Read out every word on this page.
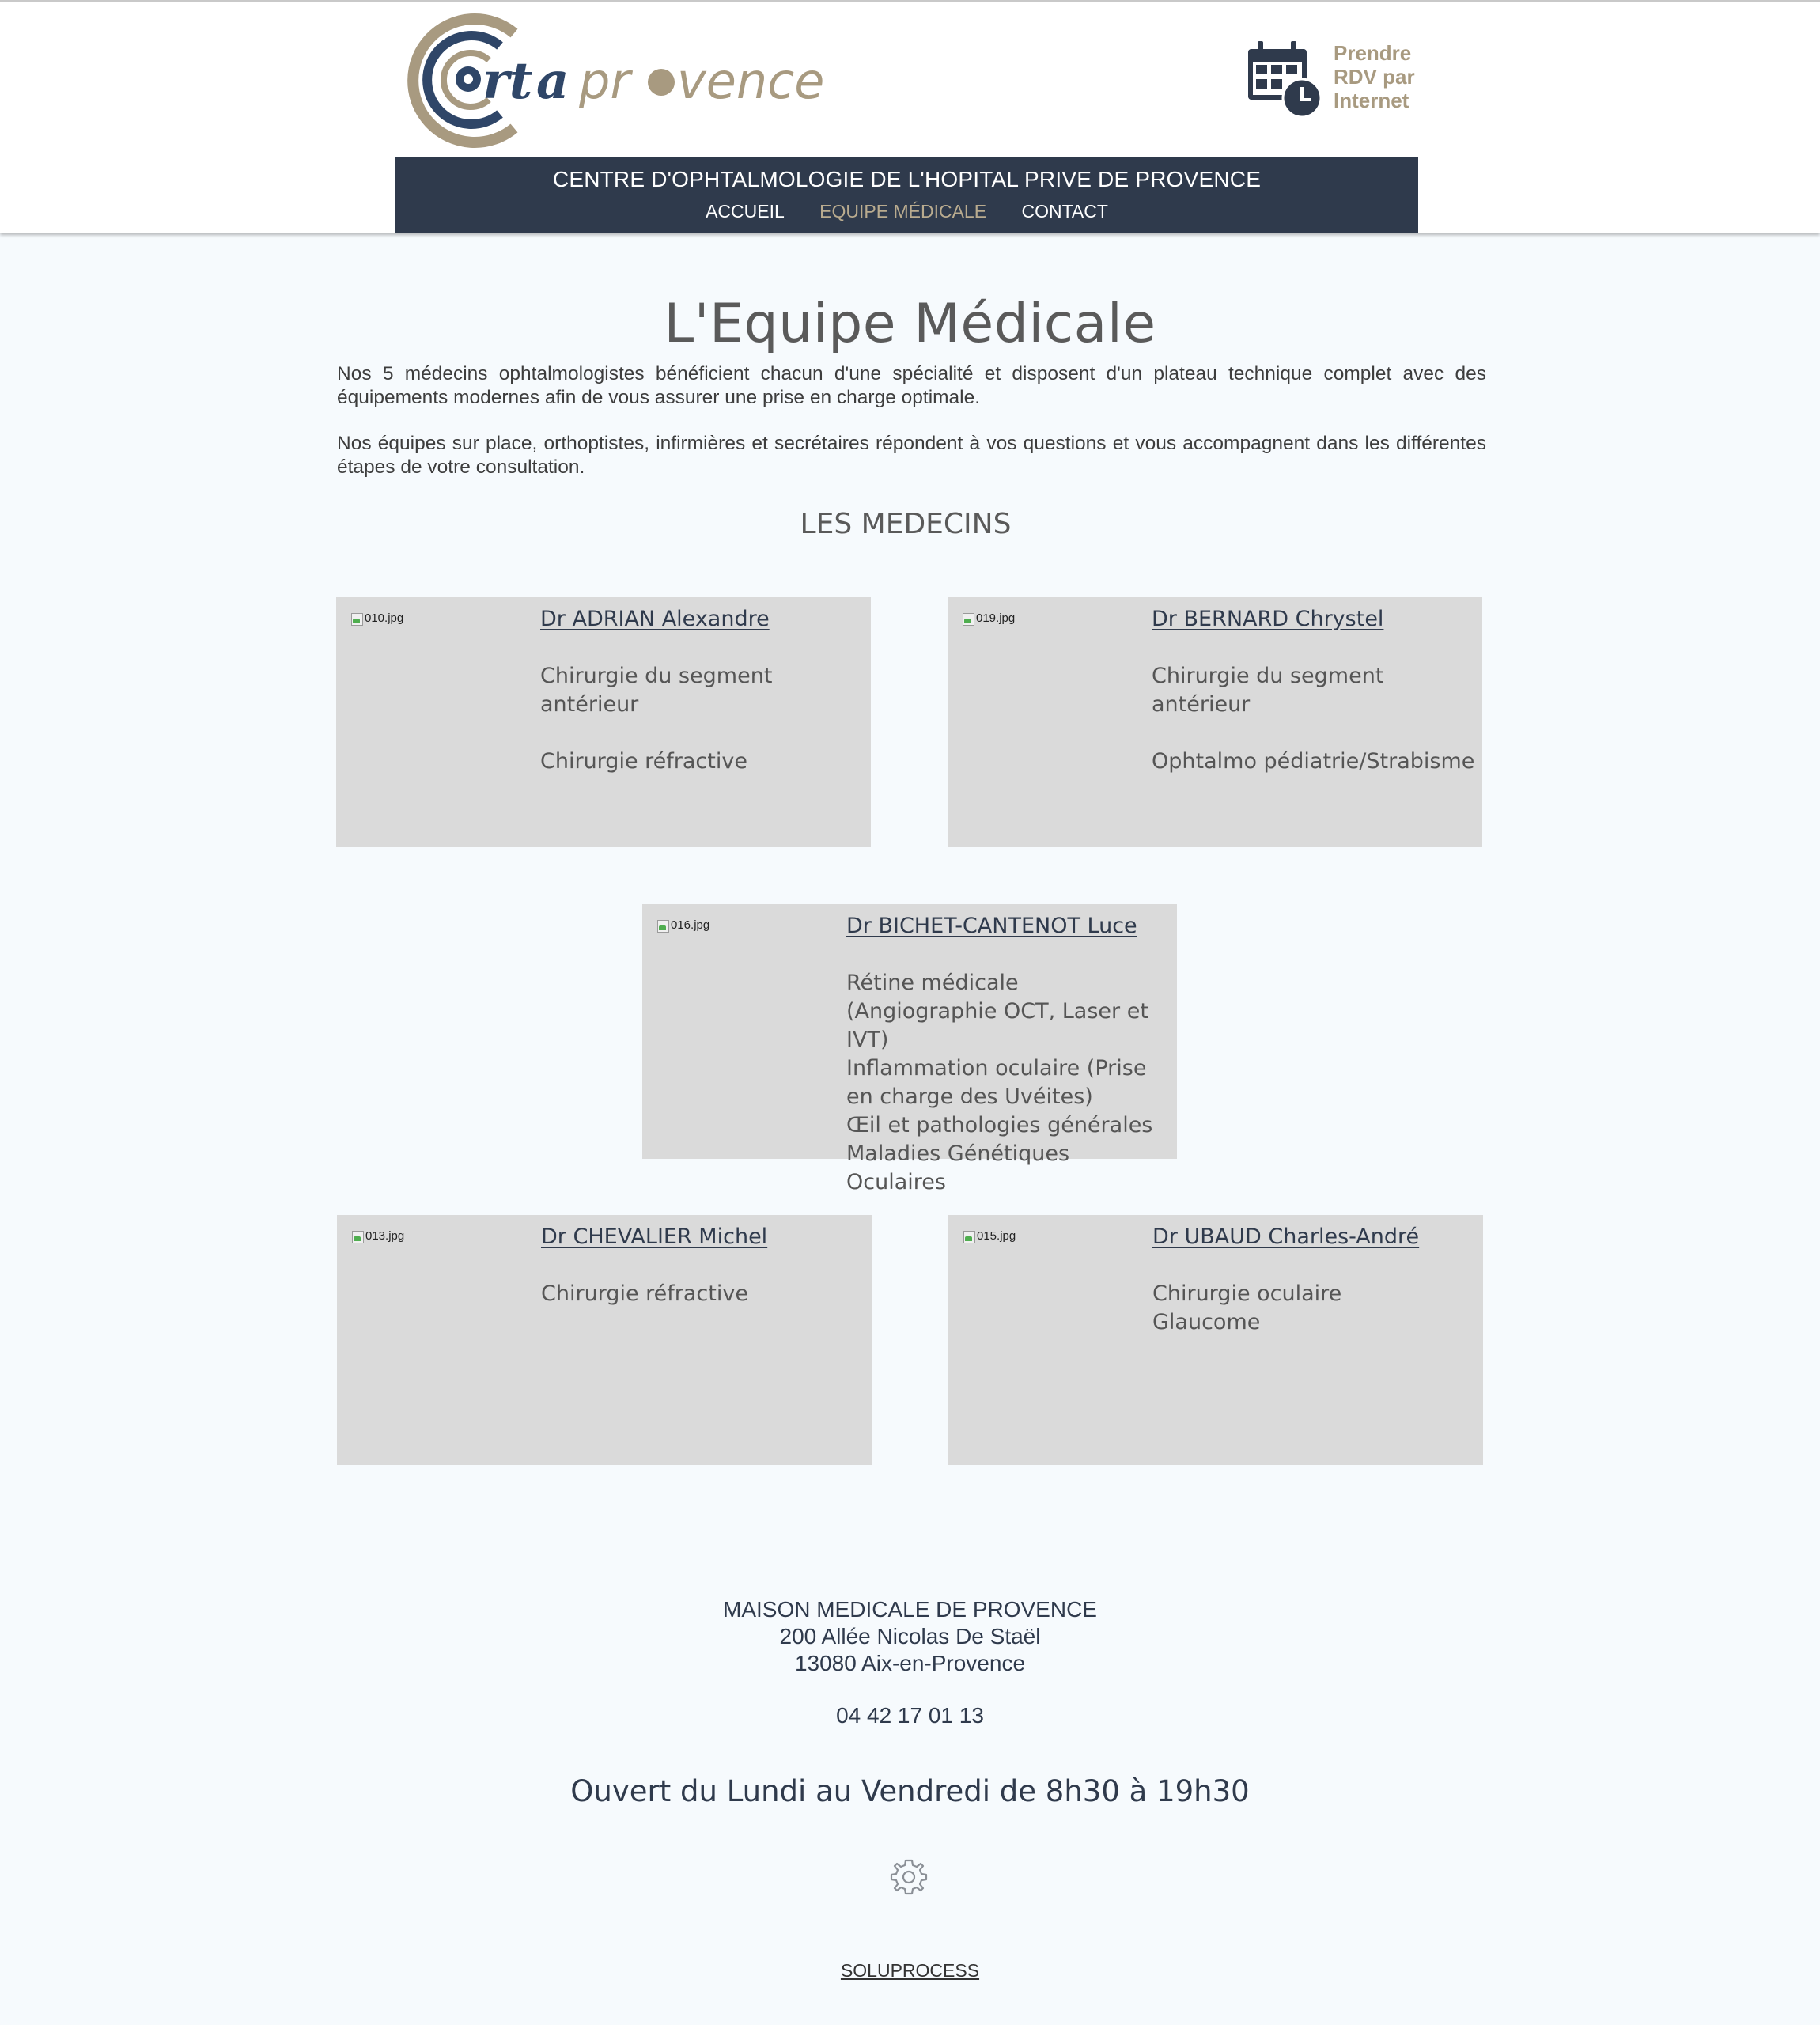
rt a pr vence	Prendre
RDV par
Internet
CENTRE D'OPHTALMOLOGIE DE L'HOPITAL PRIVE DE PROVENCE
ACCUEIL EQUIPE MÉDICALE CONTACT
L'Equipe Médicale
Nos 5 médecins ophtalmologistes bénéficient chacun d'une spécialité et disposent d'un plateau technique complet avec des équipements modernes afin de vous assurer une prise en charge optimale.
Nos équipes sur place, orthoptistes, infirmières et secrétaires répondent à vos questions et vous accompagnent dans les différentes étapes de votre consultation.
LES MEDECINS
010.jpg	Dr ADRIAN Alexandre
Chirurgie du segment antérieur
Chirurgie réfractive
019.jpg	Dr BERNARD Chrystel
Chirurgie du segment antérieur
Ophtalmo pédiatrie/Strabisme
016.jpg	Dr BICHET-CANTENOT Luce
Rétine médicale (Angiographie OCT, Laser et IVT)
Inflammation oculaire (Prise en charge des Uvéites)
Œil et pathologies générales
Maladies Génétiques Oculaires
013.jpg	Dr CHEVALIER Michel
Chirurgie réfractive
015.jpg	Dr UBAUD Charles-André
Chirurgie oculaire
Glaucome
MAISON MEDICALE DE PROVENCE
200 Allée Nicolas De Staël
13080 Aix-en-Provence
04 42 17 01 13
Ouvert du Lundi au Vendredi de 8h30 à 19h30
SOLUPROCESS
